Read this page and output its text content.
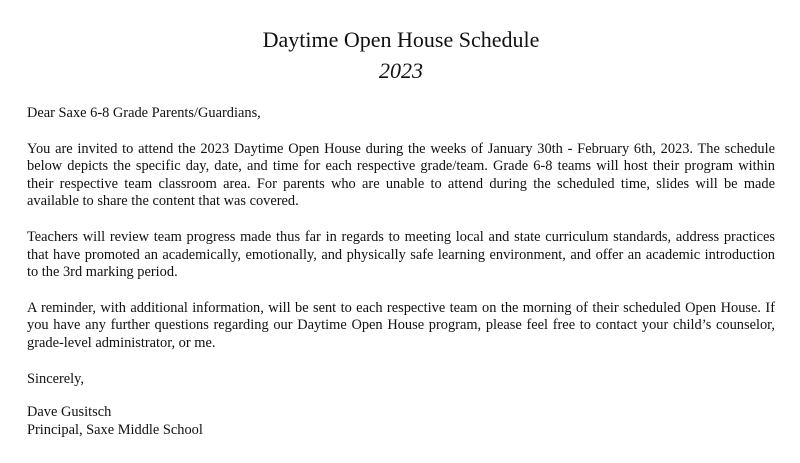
Daytime Open House Schedule
2023

Dear Saxe 6-8 Grade Parents/Guardians,

You are invited to attend the 2023 Daytime Open House during the weeks of January 30th - February 6th, 2023. The schedule below depicts the specific day, date, and time for each respective grade/team. Grade 6-8 teams will host their program within their respective team classroom area. For parents who are unable to attend during the scheduled time, slides will be made available to share the content that was covered.

Teachers will review team progress made thus far in regards to meeting local and state curriculum standards, address practices that have promoted an academically, emotionally, and physically safe learning environment, and offer an academic introduction to the 3rd marking period.

A reminder, with additional information, will be sent to each respective team on the morning of their scheduled Open House. If you have any further questions regarding our Daytime Open House program, please feel free to contact your child’s counselor, grade-level administrator, or me.

Sincerely,

Dave Gusitsch
Principal, Saxe Middle School
